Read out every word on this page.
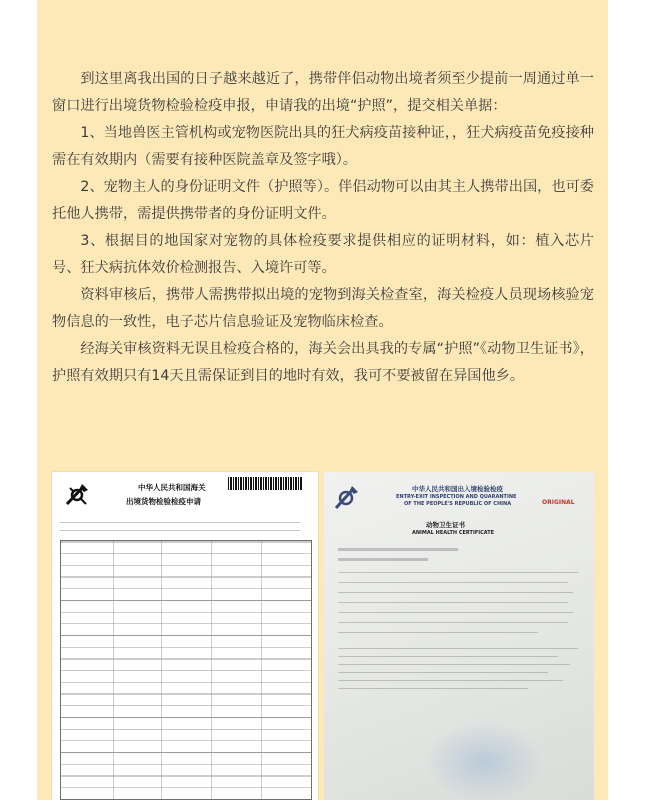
到这里离我出国的日子越来越近了，携带伴侣动物出境者须至少提前一周通过单一窗口进行出境货物检验检疫申报，申请我的出境“护照”，提交相关单据：

1、当地兽医主管机构或宠物医院出具的狂犬病疫苗接种证，，狂犬病疫苗免疫接种需在有效期内（需要有接种医院盖章及签字哦）。

2、宠物主人的身份证明文件（护照等）。伴侣动物可以由其主人携带出国，也可委托他人携带，需提供携带者的身份证明文件。

3、根据目的地国家对宠物的具体检疫要求提供相应的证明材料，如：植入芯片号、狂犬病抗体效价检测报告、入境许可等。

资料审核后，携带人需携带拟出境的宠物到海关检查室，海关检疫人员现场核验宠物信息的一致性，电子芯片信息验证及宠物临床检查。

经海关审核资料无误且检疫合格的，海关会出具我的专属“护照”《动物卫生证书》，护照有效期只有14天且需保证到目的地时有效，我可不要被留在异国他乡。

中华人民共和国海关
出境货物检验检疫申请
中华人民共和国出入境检验检疫
ENTRY-EXIT INSPECTION AND QUARANTINE
OF THE PEOPLE'S REPUBLIC OF CHINA	ORIGINAL
动物卫生证书
ANIMAL HEALTH CERTIFICATE
